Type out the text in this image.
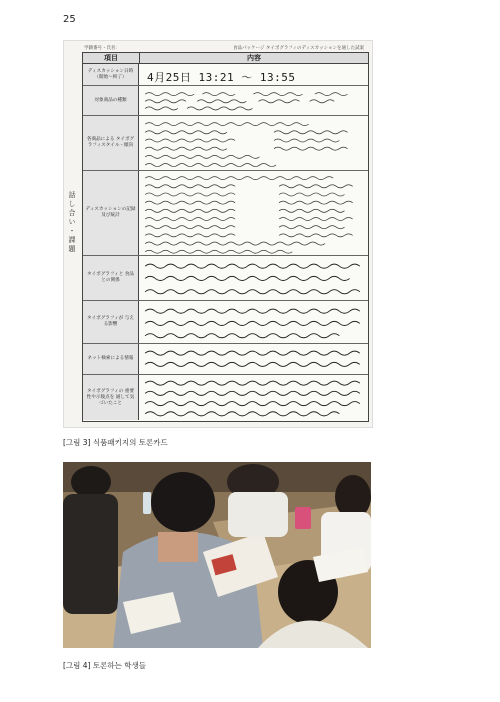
25
学籍番号・氏名：	食品パッケージ タイポグラフィのディスカッションを通した試案
話し合い・課題
項目	内容
ディスカッション日時（開始～終了）	4月25日 13:21 ～ 13:55
対象商品の種類
各商品による タイポグラフィスタイル・傾向
ディスカッションの記録 及び統計
タイポグラフィと 食品との関係
タイポグラフィが 与える影響
ネット検索による情報
タイポグラフィの 重要性や示唆点を 通して気づいたこと
[그림 3] 식품패키지의 토론카드
[그림 4] 토론하는 학생들
